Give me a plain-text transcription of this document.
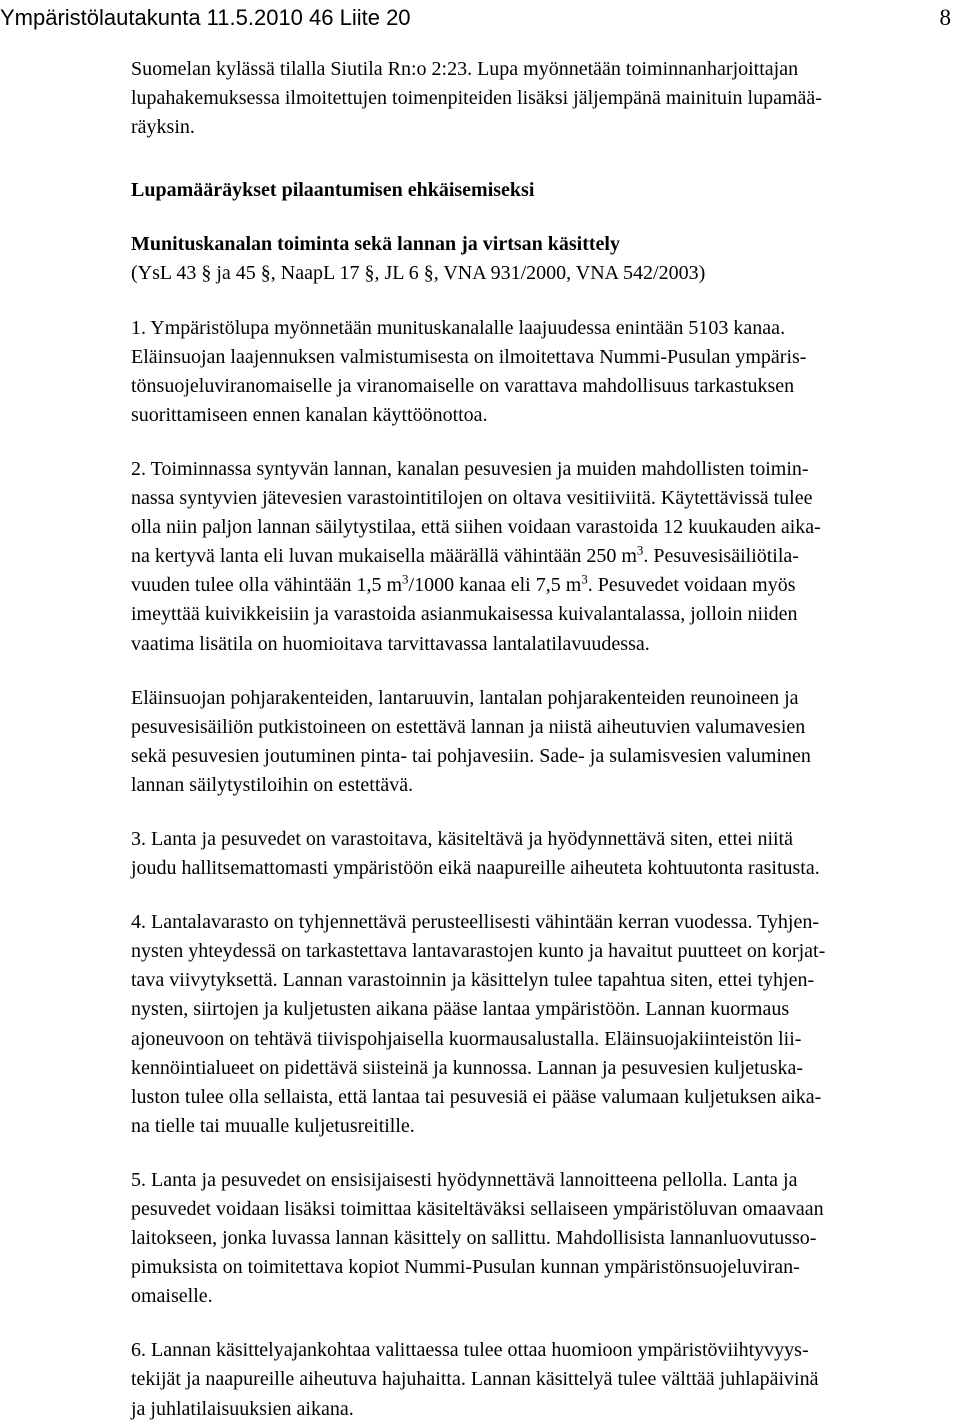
Ympäristölautakunta 11.5.2010 46 Liite 20	8

Suomelan kylässä tilalla Siutila Rn:o 2:23. Lupa myönnetään toiminnanharjoittajan
lupahakemuksessa ilmoitettujen toimenpiteiden lisäksi jäljempänä mainituin lupamää-
räyksin.

Lupamääräykset pilaantumisen ehkäisemiseksi

Munituskanalan toiminta sekä lannan ja virtsan käsittely

(YsL 43 § ja 45 §, NaapL 17 §, JL 6 §, VNA 931/2000, VNA 542/2003)

1. Ympäristölupa myönnetään munituskanalalle laajuudessa enintään 5103 kanaa.
Eläinsuojan laajennuksen valmistumisesta on ilmoitettava Nummi-Pusulan ympäris-
tönsuojeluviranomaiselle ja viranomaiselle on varattava mahdollisuus tarkastuksen
suorittamiseen ennen kanalan käyttöönottoa.

2. Toiminnassa syntyvän lannan, kanalan pesuvesien ja muiden mahdollisten toimin-
nassa syntyvien jätevesien varastointitilojen on oltava vesitiiviitä. Käytettävissä tulee
olla niin paljon lannan säilytystilaa, että siihen voidaan varastoida 12 kuukauden aika-
na kertyvä lanta eli luvan mukaisella määrällä vähintään 250 $m^3$. Pesuvesisäiliötila-
vuuden tulee olla vähintään 1,5 $m^3/1000$ kanaa eli 7,5 $m^3$. Pesuvedet voidaan myös
imeyttää kuivikkeisiin ja varastoida asianmukaisessa kuivalantalassa, jolloin niiden
vaatima lisätila on huomioitava tarvittavassa lantalatilavuudessa.

Eläinsuojan pohjarakenteiden, lantaruuvin, lantalan pohjarakenteiden reunoineen ja
pesuvesisäiliön putkistoineen on estettävä lannan ja niistä aiheutuvien valumavesien
sekä pesuvesien joutuminen pinta- tai pohjavesiin. Sade- ja sulamisvesien valuminen
lannan säilytystiloihin on estettävä.

3. Lanta ja pesuvedet on varastoitava, käsiteltävä ja hyödynnettävä siten, ettei niitä
joudu hallitsemattomasti ympäristöön eikä naapureille aiheuteta kohtuutonta rasitusta.

4. Lantalavarasto on tyhjennettävä perusteellisesti vähintään kerran vuodessa. Tyhjen-
nysten yhteydessä on tarkastettava lantavarastojen kunto ja havaitut puutteet on korjat-
tava viivytyksettä. Lannan varastoinnin ja käsittelyn tulee tapahtua siten, ettei tyhjen-
nysten, siirtojen ja kuljetusten aikana pääse lantaa ympäristöön. Lannan kuormaus
ajoneuvoon on tehtävä tiivispohjaisella kuormausalustalla. Eläinsuojakiinteistön lii-
kennöintialueet on pidettävä siisteinä ja kunnossa. Lannan ja pesuvesien kuljetuska-
luston tulee olla sellaista, että lantaa tai pesuvesiä ei pääse valumaan kuljetuksen aika-
na tielle tai muualle kuljetusreitille.

5. Lanta ja pesuvedet on ensisijaisesti hyödynnettävä lannoitteena pellolla. Lanta ja
pesuvedet voidaan lisäksi toimittaa käsiteltäväksi sellaiseen ympäristöluvan omaavaan
laitokseen, jonka luvassa lannan käsittely on sallittu. Mahdollisista lannanluovutusso-
pimuksista on toimitettava kopiot Nummi-Pusulan kunnan ympäristönsuojeluviran-
omaiselle.

6. Lannan käsittelyajankohtaa valittaessa tulee ottaa huomioon ympäristöviihtyvyys-
tekijät ja naapureille aiheutuva hajuhaitta. Lannan käsittelyä tulee välttää juhlapäivinä
ja juhlatilaisuuksien aikana.
